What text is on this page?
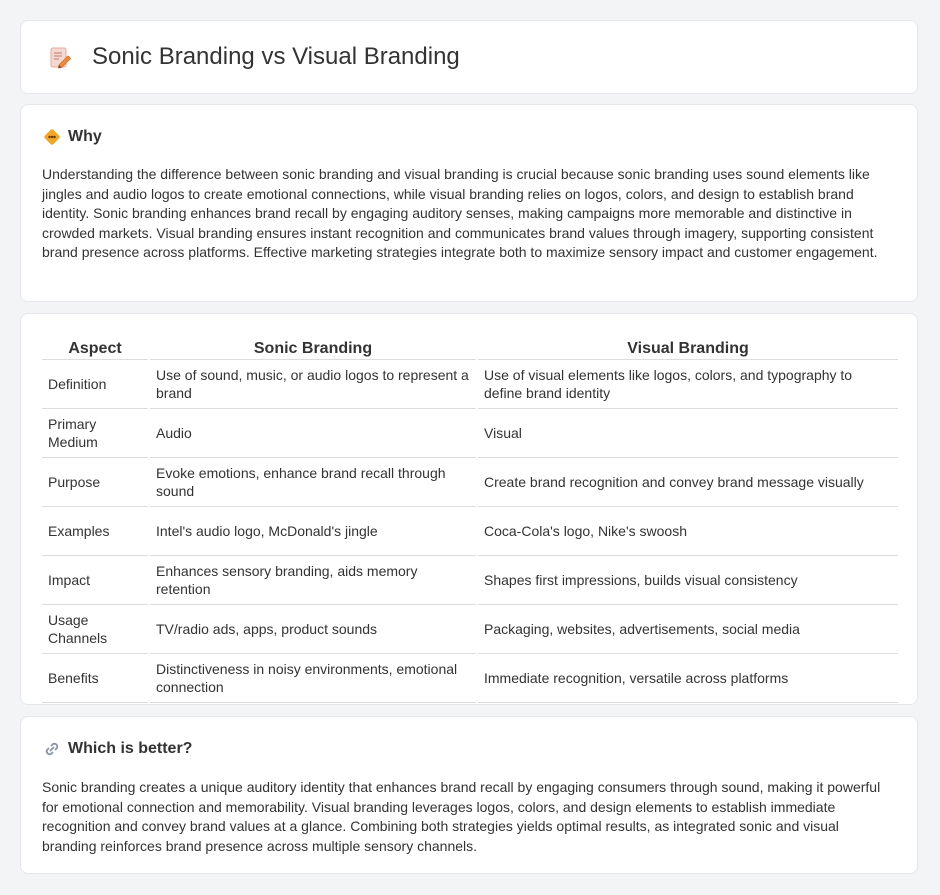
Sonic Branding vs Visual Branding
Why

Understanding the difference between sonic branding and visual branding is crucial because sonic branding uses sound elements like jingles and audio logos to create emotional connections, while visual branding relies on logos, colors, and design to establish brand identity. Sonic branding enhances brand recall by engaging auditory senses, making campaigns more memorable and distinctive in crowded markets. Visual branding ensures instant recognition and communicates brand values through imagery, supporting consistent brand presence across platforms. Effective marketing strategies integrate both to maximize sensory impact and customer engagement.

Aspect		Sonic Branding		Visual Branding
Definition		Use of sound, music, or audio logos to represent a brand		Use of visual elements like logos, colors, and typography to define brand identity
Primary Medium		Audio		Visual
Purpose		Evoke emotions, enhance brand recall through sound		Create brand recognition and convey brand message visually
Examples		Intel's audio logo, McDonald's jingle		Coca-Cola's logo, Nike's swoosh
Impact		Enhances sensory branding, aids memory retention		Shapes first impressions, builds visual consistency
Usage Channels		TV/radio ads, apps, product sounds		Packaging, websites, advertisements, social media
Benefits		Distinctiveness in noisy environments, emotional connection		Immediate recognition, versatile across platforms
Which is better?

Sonic branding creates a unique auditory identity that enhances brand recall by engaging consumers through sound, making it powerful for emotional connection and memorability. Visual branding leverages logos, colors, and design elements to establish immediate recognition and convey brand values at a glance. Combining both strategies yields optimal results, as integrated sonic and visual branding reinforces brand presence across multiple sensory channels.
